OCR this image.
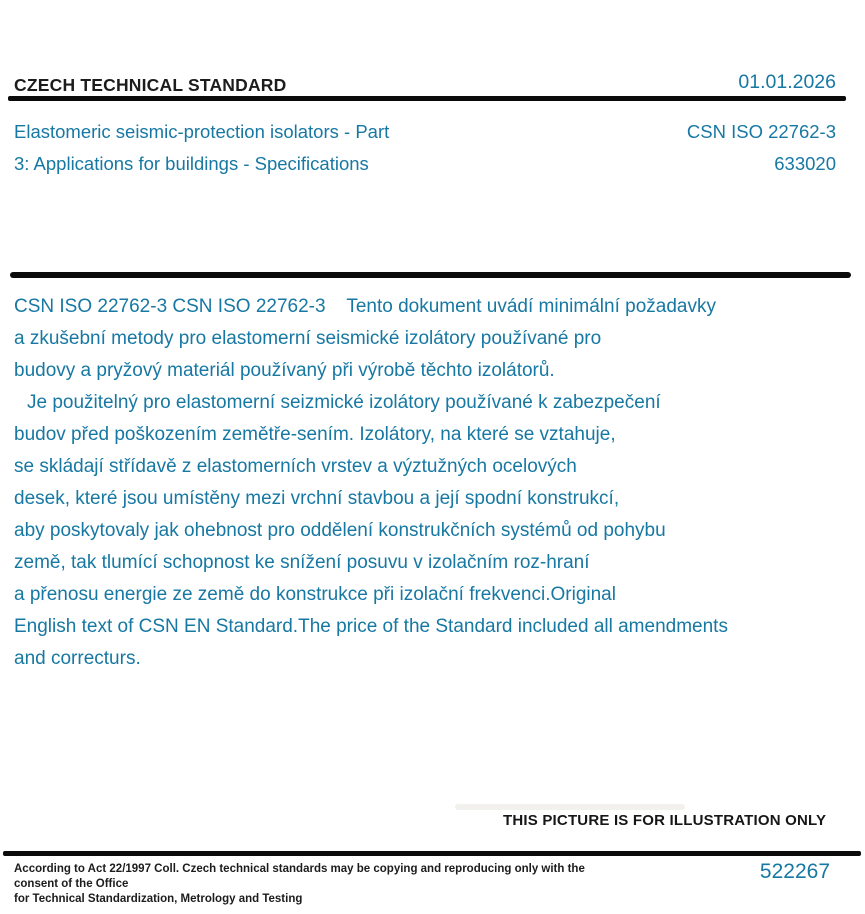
CZECH TECHNICAL STANDARD	01.01.2026
Elastomeric seismic-protection isolators - Part
3: Applications for buildings - Specifications
CSN ISO 22762-3
633020
CSN ISO 22762-3 CSN ISO 22762-3    Tento dokument uvádí minimální požadavky
a zkušební metody pro elastomerní seismické izolátory používané pro
budovy a pryžový materiál používaný při výrobě těchto izolátorů.
Je použitelný pro elastomerní seizmické izolátory používané k zabezpečení
budov před poškozením zemětře-sením. Izolátory, na které se vztahuje,
se skládají střídavě z elastomerních vrstev a výztužných ocelových
desek, které jsou umístěny mezi vrchní stavbou a její spodní konstrukcí,
aby poskytovaly jak ohebnost pro oddělení konstrukčních systémů od pohybu
země, tak tlumící schopnost ke snížení posuvu v izolačním roz-hraní
a přenosu energie ze země do konstrukce při izolační frekvenci.Original
English text of CSN EN Standard.The price of the Standard included all amendments
and correcturs.
THIS PICTURE IS FOR ILLUSTRATION ONLY
According to Act 22/1997 Coll. Czech technical standards may be copying and reproducing only with the consent of the Office
for Technical Standardization, Metrology and Testing
522267
